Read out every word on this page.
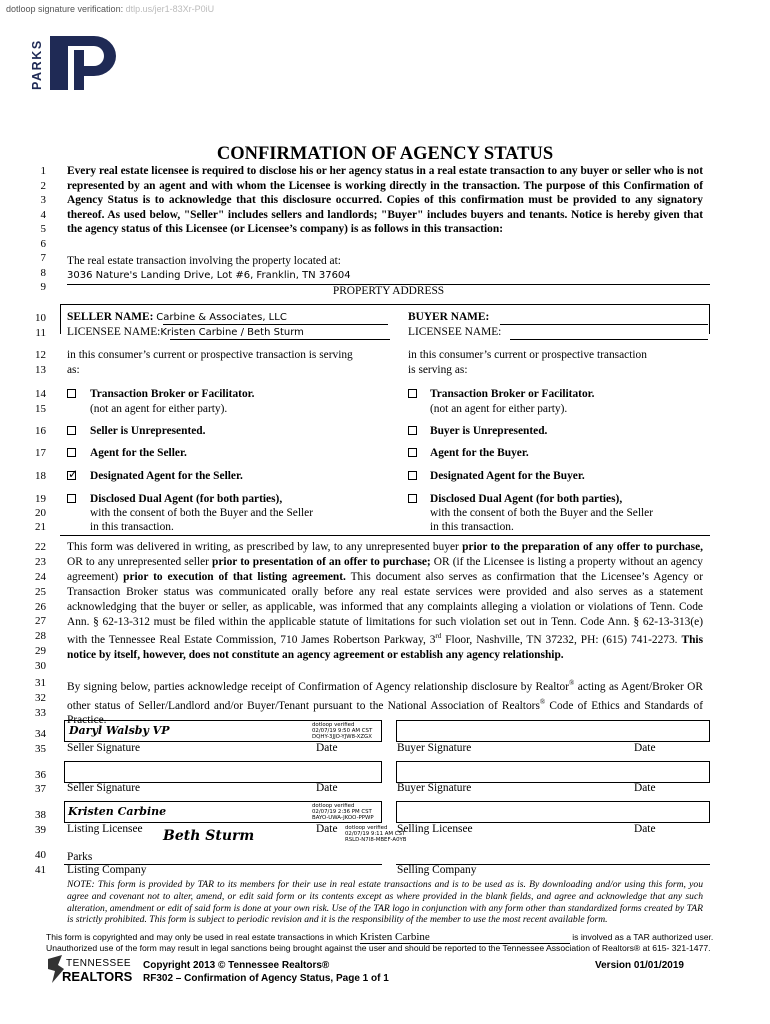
dotloop signature verification: dtlp.us/jer1-83Xr-P0iU
PARKS
CONFIRMATION OF AGENCY STATUS
1
2
3
4
5
6
7
8
9
10
11
12
13
14
15
16
17
18
19
20
21
22
23
24
25
26
27
28
29
30
31
32
33
34
35
36
37
38
39
40
41
Every real estate licensee is required to disclose his or her agency status in a real estate transaction to any buyer or seller who is not represented by an agent and with whom the Licensee is working directly in the transaction. The purpose of this Confirmation of Agency Status is to acknowledge that this disclosure occurred. Copies of this confirmation must be provided to any signatory thereof. As used below, "Seller" includes sellers and landlords; "Buyer" includes buyers and tenants. Notice is hereby given that the agency status of this Licensee (or Licensee’s company) is as follows in this transaction:
The real estate transaction involving the property located at:
3036 Nature's Landing Drive, Lot #6, Franklin, TN 37604
PROPERTY ADDRESS
SELLER NAME: Carbine & Associates, LLC
LICENSEE NAME:Kristen Carbine / Beth Sturm
BUYER NAME:
LICENSEE NAME:
in this consumer’s current or prospective transaction is serving as:
in this consumer’s current or prospective transaction
is serving as:
Transaction Broker or Facilitator.
(not an agent for either party).
Seller is Unrepresented.
Agent for the Seller.
✓
Designated Agent for the Seller.
Disclosed Dual Agent (for both parties),
with the consent of both the Buyer and the Seller
in this transaction.
Transaction Broker or Facilitator.
(not an agent for either party).
Buyer is Unrepresented.
Agent for the Buyer.
Designated Agent for the Buyer.
Disclosed Dual Agent (for both parties),
with the consent of both the Buyer and the Seller
in this transaction.
This form was delivered in writing, as prescribed by law, to any unrepresented buyer prior to the preparation of any offer to purchase, OR to any unrepresented seller prior to presentation of an offer to purchase; OR (if the Licensee is listing a property without an agency agreement) prior to execution of that listing agreement. This document also serves as confirmation that the Licensee’s Agency or Transaction Broker status was communicated orally before any real estate services were provided and also serves as a statement acknowledging that the buyer or seller, as applicable, was informed that any complaints alleging a violation or violations of Tenn. Code Ann. § 62-13-312 must be filed within the applicable statute of limitations for such violation set out in Tenn. Code Ann. § 62-13-313(e) with the Tennessee Real Estate Commission, 710 James Robertson Parkway, 3rd Floor, Nashville, TN 37232, PH: (615) 741-2273. This notice by itself, however, does not constitute an agency agreement or establish any agency relationship.
By signing below, parties acknowledge receipt of Confirmation of Agency relationship disclosure by Realtor® acting as Agent/Broker OR other status of Seller/Landlord and/or Buyer/Tenant pursuant to the National Association of Realtors® Code of Ethics and Standards of Practice.
Daryl Walsby VP	dotloop verified
02/07/19 9:50 AM CST
DQHY-3JJO-YJW8-XZGX
Seller Signature	Date	Buyer Signature	Date
Seller Signature	Date	Buyer Signature	Date
Kristen Carbine	dotloop verified
02/07/19 2:36 PM CST
BAYO-UWA-JKOO-PPWP
Listing Licensee Beth Sturm	Date dotloop verified
02/07/19 9:11 AM CST
RSLD-N7I8-MBEF-A0YB
Selling Licensee	Date
Parks
Listing Company	Selling Company
NOTE: This form is provided by TAR to its members for their use in real estate transactions and is to be used as is. By downloading and/or using this form, you agree and covenant not to alter, amend, or edit said form or its contents except as where provided in the blank fields, and agree and acknowledge that any such alteration, amendment or edit of said form is done at your own risk. Use of the TAR logo in conjunction with any form other than standardized forms created by TAR is strictly prohibited. This form is subject to periodic revision and it is the responsibility of the member to use the most recent available form.
This form is copyrighted and may only be used in real estate transactions in which Kristen Carbine	is involved as a TAR authorized user.
Unauthorized use of the form may result in legal sanctions being brought against the user and should be reported to the Tennessee Association of Realtors® at 615- 321-1477.
TENNESSEE
REALTORS
Copyright 2013 © Tennessee Realtors®
RF302 – Confirmation of Agency Status, Page 1 of 1
Version 01/01/2019
